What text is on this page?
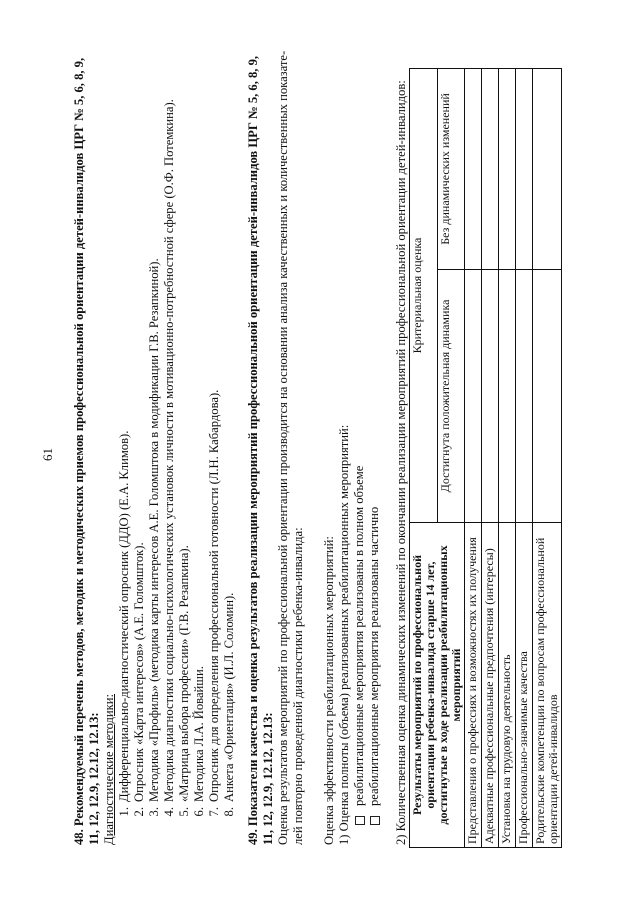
61 48. Рекомендуемый перечень методов, методик и методических приемов профессиональной ориентации детей-инвалидов ЦРГ № 5, 6, 8, 9, 11, 12, 12.9, 12.12, 12.13: Диагностические методики: 1.Дифференциально-диагностический опросник (ДДО) (Е.А. Климов).
2.Опросник «Карта интересов» (А.Е. Голомшток).
3.Методика «Профиль» (методика карты интересов А.Е. Голомштока в модификации Г.В. Резапкиной).
4.Методика диагностики социально-психологических установок личности в мотивационно-потребностной сфере (О.Ф. Потемкина).
5.«Матрица выбора профессии» (Г.В. Резапкина).
6.Методика Л.А. Йовайши.
7.Опросник для определения профессиональной готовности (Л.Н. Кабардова).
8.Анкета «Ориентация» (И.Л. Соломин). 49. Показатели качества и оценка результатов реализации мероприятий профессиональной ориентации детей-инвалидов ЦРГ № 5, 6, 8, 9, 11, 12, 12.9, 12.12, 12.13: Оценка результатов мероприятий по профессиональной ориентации производится на основании анализа качественных и количественных показате- лей повторно проведенной диагностики ребенка-инвалида: Оценка эффективности реабилитационных мероприятий: 1) Оценка полноты (объема) реализованных реабилитационных мероприятий: реабилитационные мероприятия реализованы в полном объеме реабилитационные мероприятия реализованы частично 2) Количественная оценка динамических изменений по окончании реализации мероприятий профессиональной ориентации детей-инвалидов: Результаты мероприятий по профессиональной ориентации ребенка-инвалида старше 14 лет, достигнутые в ходе реализации реабилитационных мероприятий	Критериальная оценка	
	Достигнута положительная динамика	Без динамических изменений
Представления о профессиях и возможностях их получения		
Адекватные профессиональные предпочтения (интересы)		
Установка на трудовую деятельность		
Профессионально-значимые качества		
Родительские компетенции по вопросам профессиональной ориентации детей-инвалидов		
